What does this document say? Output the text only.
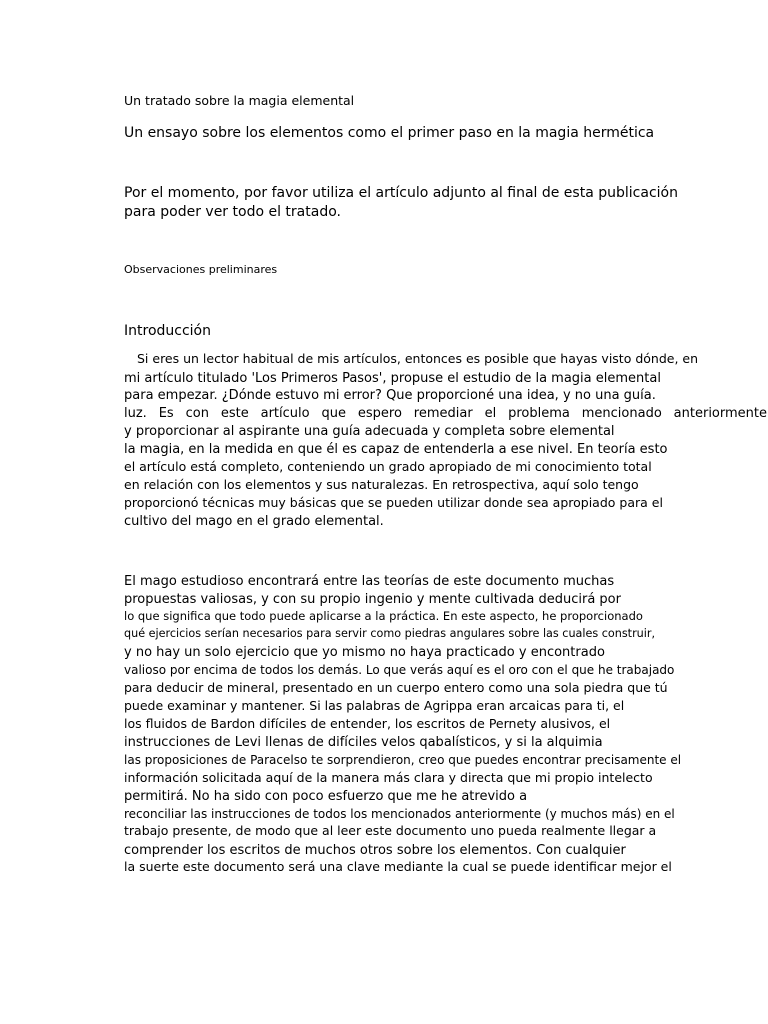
Un tratado sobre la magia elemental
Un ensayo sobre los elementos como el primer paso en la magia hermética
Por el momento, por favor utiliza el artículo adjunto al final de esta publicación
para poder ver todo el tratado.
Observaciones preliminares
Introducción
Si eres un lector habitual de mis artículos, entonces es posible que hayas visto dónde, en
mi artículo titulado 'Los Primeros Pasos', propuse el estudio de la magia elemental
para empezar. ¿Dónde estuvo mi error? Que proporcioné una idea, y no una guía.
luz. Es con este artículo que espero remediar el problema mencionado anteriormente
y proporcionar al aspirante una guía adecuada y completa sobre elemental
la magia, en la medida en que él es capaz de entenderla a ese nivel. En teoría esto
el artículo está completo, conteniendo un grado apropiado de mi conocimiento total
en relación con los elementos y sus naturalezas. En retrospectiva, aquí solo tengo
proporcionó técnicas muy básicas que se pueden utilizar donde sea apropiado para el
cultivo del mago en el grado elemental.
El mago estudioso encontrará entre las teorías de este documento muchas
propuestas valiosas, y con su propio ingenio y mente cultivada deducirá por
lo que significa que todo puede aplicarse a la práctica. En este aspecto, he proporcionado
qué ejercicios serían necesarios para servir como piedras angulares sobre las cuales construir,
y no hay un solo ejercicio que yo mismo no haya practicado y encontrado
valioso por encima de todos los demás. Lo que verás aquí es el oro con el que he trabajado
para deducir de mineral, presentado en un cuerpo entero como una sola piedra que tú
puede examinar y mantener. Si las palabras de Agrippa eran arcaicas para ti, el
los fluidos de Bardon difíciles de entender, los escritos de Pernety alusivos, el
instrucciones de Levi llenas de difíciles velos qabalísticos, y si la alquimia
las proposiciones de Paracelso te sorprendieron, creo que puedes encontrar precisamente el
información solicitada aquí de la manera más clara y directa que mi propio intelecto
permitirá. No ha sido con poco esfuerzo que me he atrevido a
reconciliar las instrucciones de todos los mencionados anteriormente (y muchos más) en el
trabajo presente, de modo que al leer este documento uno pueda realmente llegar a
comprender los escritos de muchos otros sobre los elementos. Con cualquier
la suerte este documento será una clave mediante la cual se puede identificar mejor el
